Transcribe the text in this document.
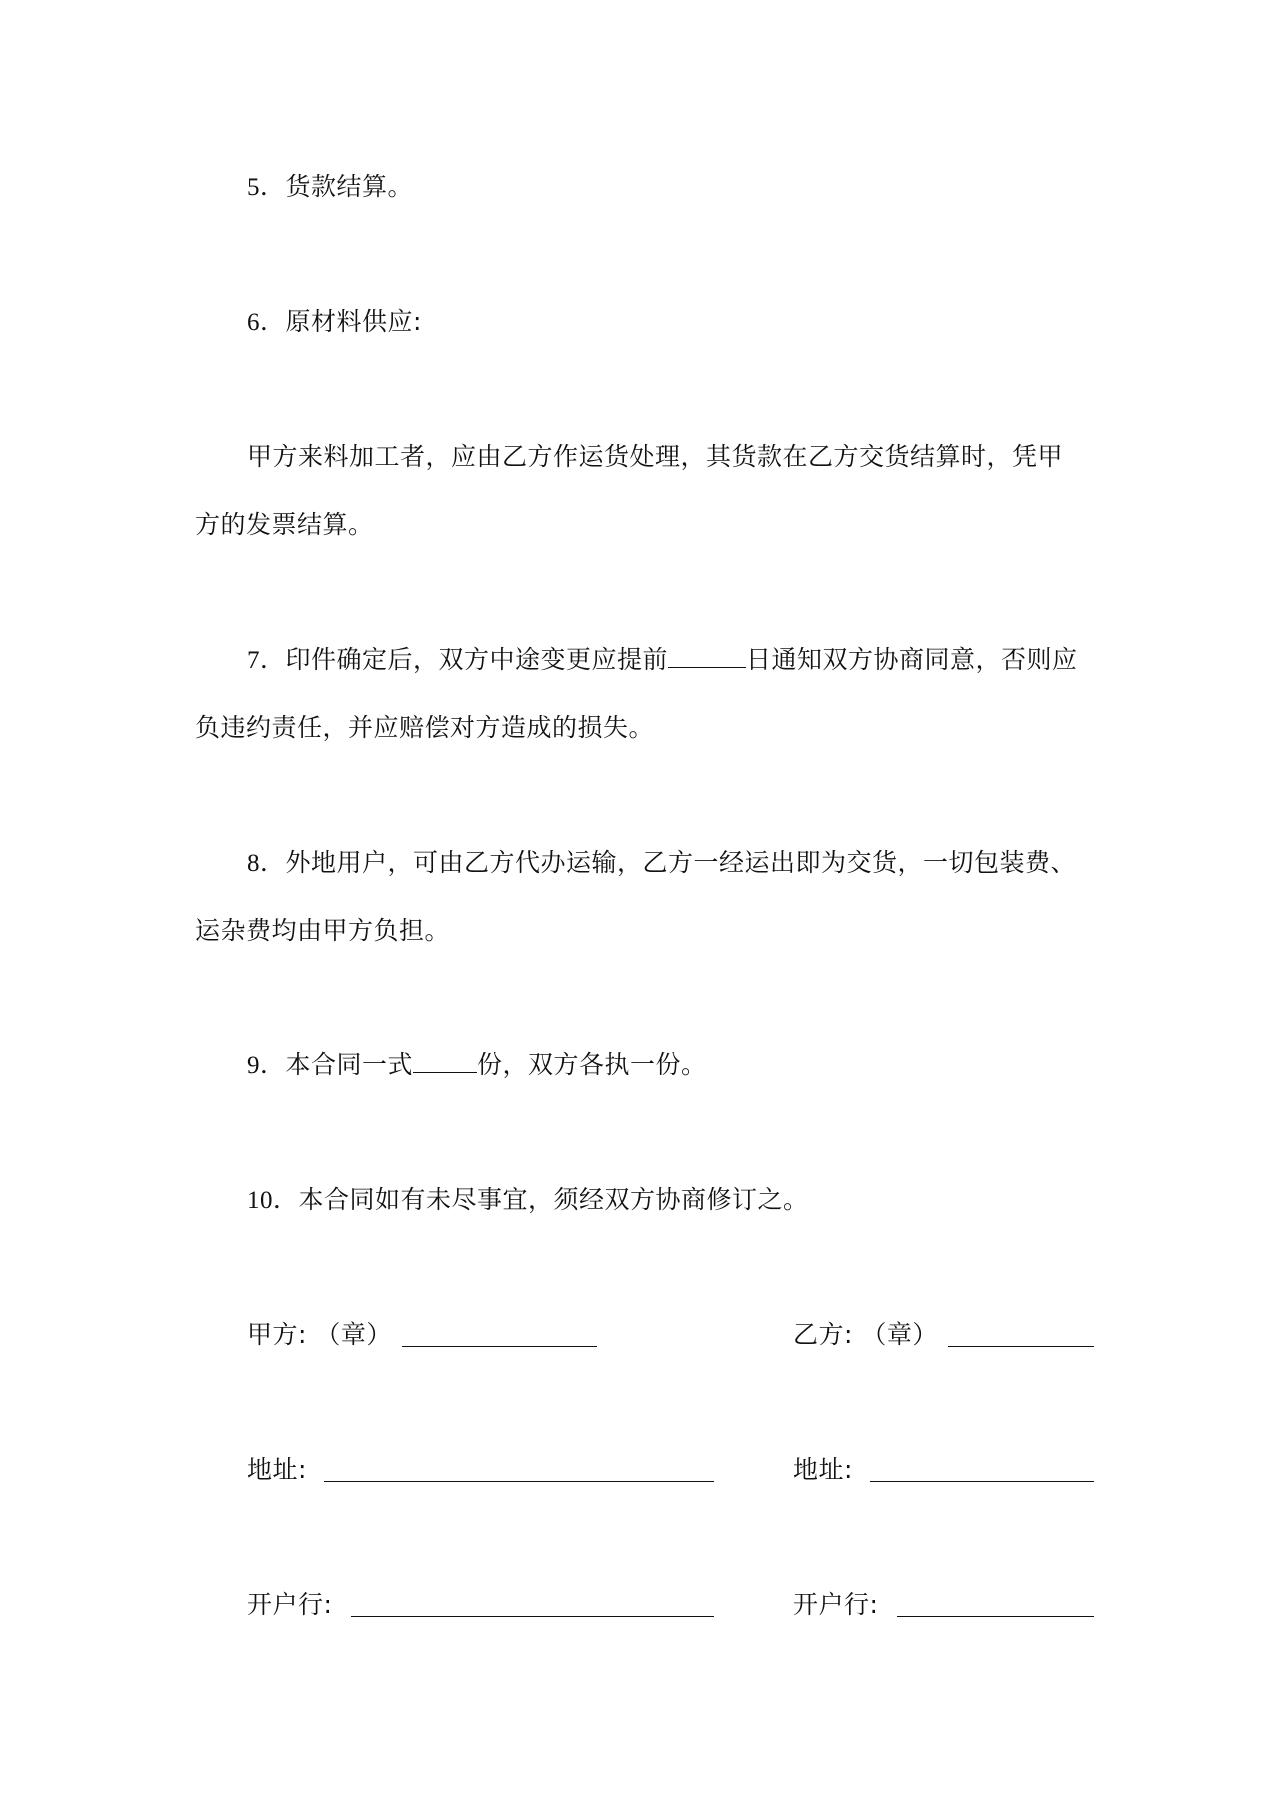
5．货款结算。
6．原材料供应:
甲方来料加工者，应由乙方作运货处理，其货款在乙方交货结算时，凭甲
方的发票结算。
7．印件确定后，双方中途变更应提前	日通知双方协商同意，否则应
负违约责任，并应赔偿对方造成的损失。
8．外地用户，可由乙方代办运输，乙方一经运出即为交货，一切包装费、
运杂费均由甲方负担。
9．本合同一式	份，双方各执一份。
10．本合同如有未尽事宜，须经双方协商修订之。
甲方: （章）	乙方: （章）
地址:	地址:
开户行:	开户行:
